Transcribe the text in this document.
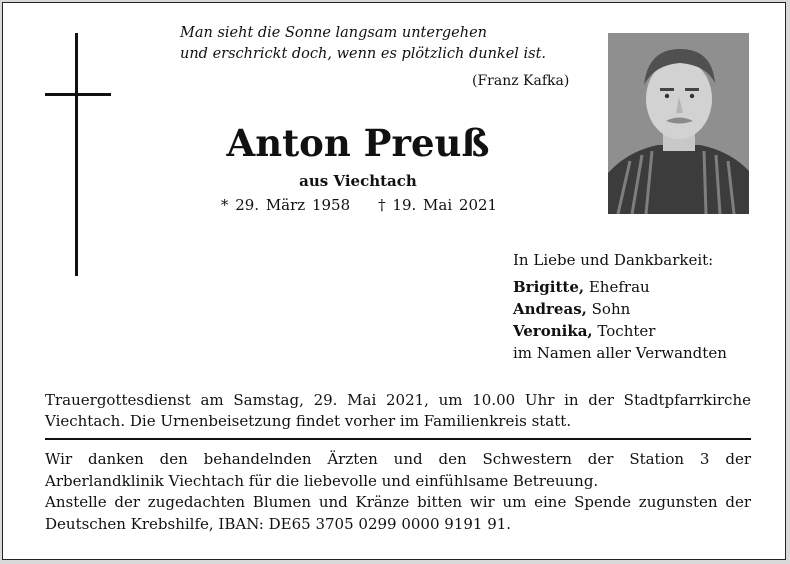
Man sieht die Sonne langsam untergehen
und erschrickt doch, wenn es plötzlich dunkel ist.
(Franz Kafka)
Anton Preuß
aus Viechtach
* 29. März 1958 † 19. Mai 2021
In Liebe und Dankbarkeit:
Brigitte, Ehefrau
Andreas, Sohn
Veronika, Tochter
im Namen aller Verwandten
Trauergottesdienst am Samstag, 29. Mai 2021, um 10.00 Uhr in der Stadtpfarrkirche Viechtach. Die Urnenbeisetzung findet vorher im Familienkreis statt.

Wir danken den behandelnden Ärzten und den Schwestern der Station 3 der Arberlandklinik Viechtach für die liebevolle und einfühlsame Betreuung.

Anstelle der zugedachten Blumen und Kränze bitten wir um eine Spende zugunsten der Deutschen Krebshilfe, IBAN: DE65 3705 0299 0000 9191 91.
